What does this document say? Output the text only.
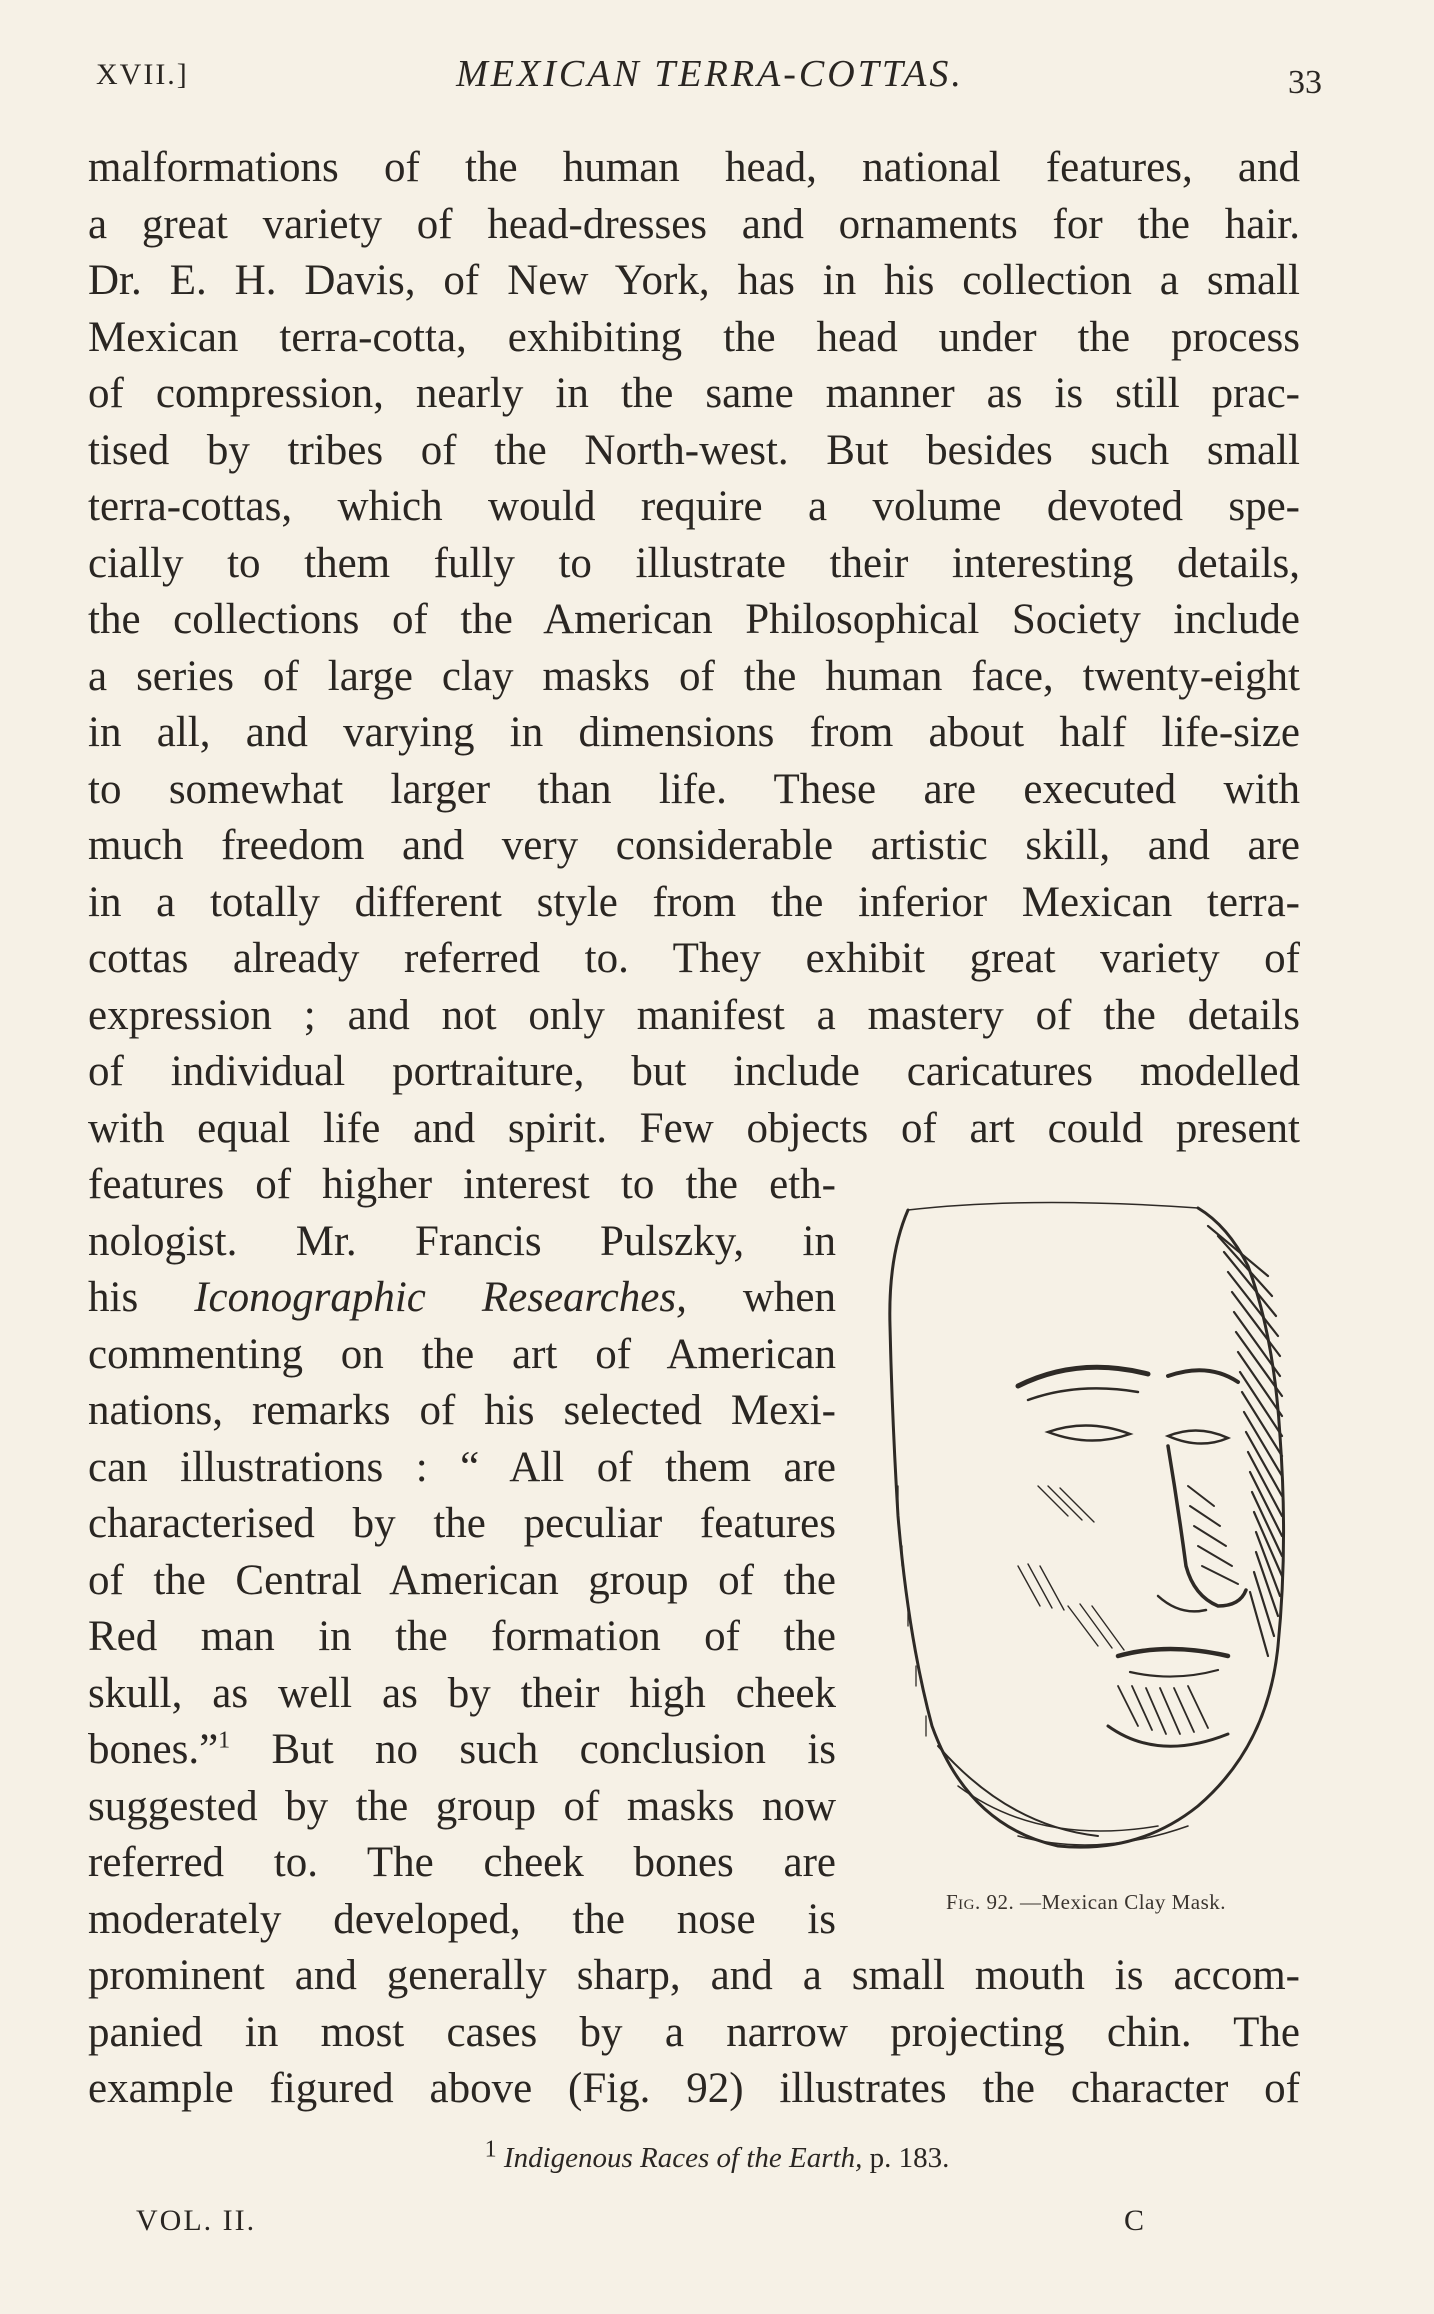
XVII.]	MEXICAN TERRA-COTTAS.	33
malformations of the human head, national features, and
a great variety of head-dresses and ornaments for the hair.
Dr. E. H. Davis, of New York, has in his collection a small
Mexican terra-cotta, exhibiting the head under the process
of compression, nearly in the same manner as is still prac-
tised by tribes of the North-west. But besides such small
terra-cottas, which would require a volume devoted spe-
cially to them fully to illustrate their interesting details,
the collections of the American Philosophical Society include
a series of large clay masks of the human face, twenty-eight
in all, and varying in dimensions from about half life-size
to somewhat larger than life. These are executed with
much freedom and very considerable artistic skill, and are
in a totally different style from the inferior Mexican terra-
cottas already referred to. They exhibit great variety of
expression ; and not only manifest a mastery of the details
of individual portraiture, but include caricatures modelled
with equal life and spirit. Few objects of art could present
features of higher interest to the eth-
nologist. Mr. Francis Pulszky, in
his Iconographic Researches, when
commenting on the art of American
nations, remarks of his selected Mexi-
can illustrations : “ All of them are
characterised by the peculiar features
of the Central American group of the
Red man in the formation of the
skull, as well as by their high cheek
bones.”$^1$ But no such conclusion is
suggested by the group of masks now
referred to. The cheek bones are
moderately developed, the nose is
prominent and generally sharp, and a small mouth is accom-
panied in most cases by a narrow projecting chin. The
example figured above (Fig. 92) illustrates the character of
Fig. 92. —Mexican Clay Mask.
$^1$ Indigenous Races of the Earth, p. 183.
VOL. II.	C
